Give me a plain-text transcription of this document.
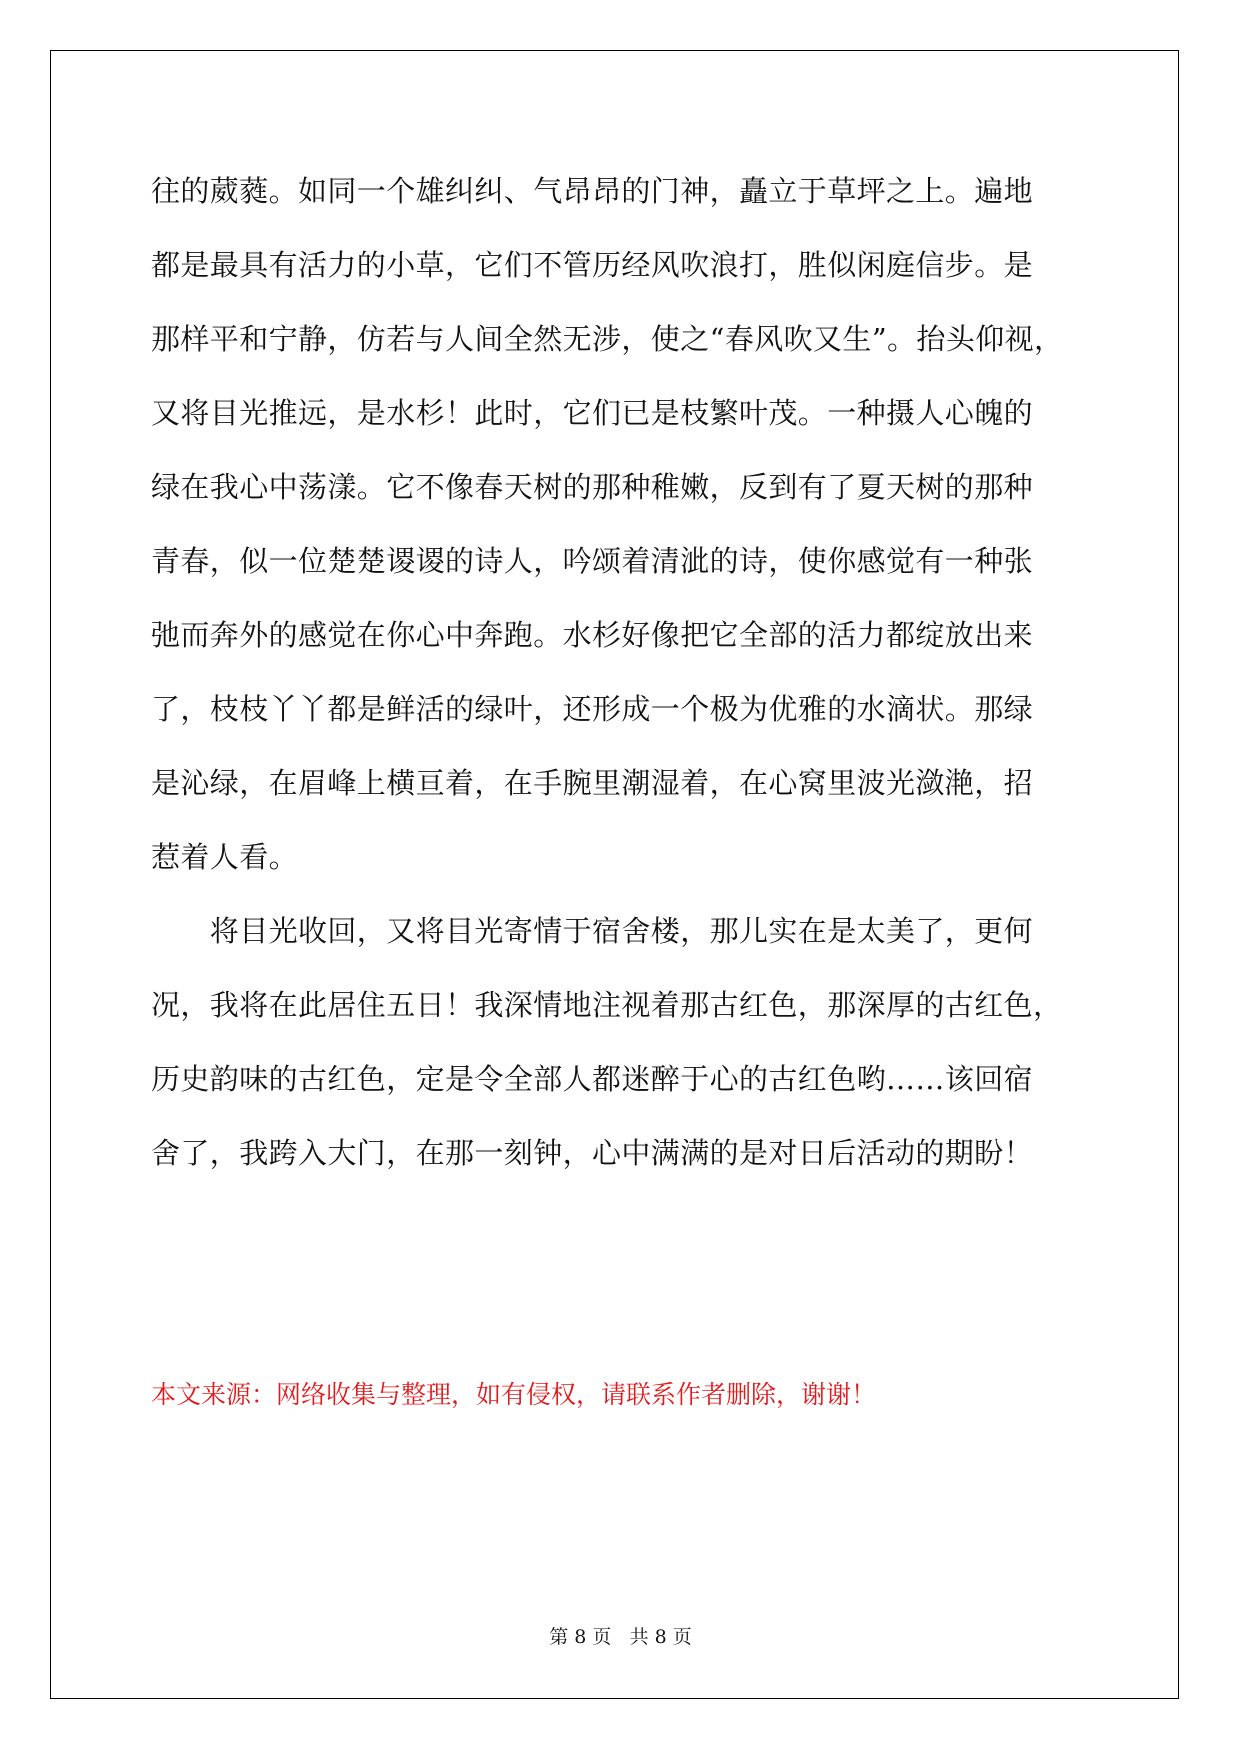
往的葳蕤。如同一个雄纠纠、气昂昂的门神，矗立于草坪之上。遍地
都是最具有活力的小草，它们不管历经风吹浪打，胜似闲庭信步。是
那样平和宁静，仿若与人间全然无涉，使之“春风吹又生”。抬头仰视，
又将目光推远，是水杉！此时，它们已是枝繁叶茂。一种摄人心魄的
绿在我心中荡漾。它不像春天树的那种稚嫩，反到有了夏天树的那种
青春，似一位楚楚谡谡的诗人，吟颂着清泚的诗，使你感觉有一种张
弛而奔外的感觉在你心中奔跑。水杉好像把它全部的活力都绽放出来
了，枝枝丫丫都是鲜活的绿叶，还形成一个极为优雅的水滴状。那绿
是沁绿，在眉峰上横亘着，在手腕里潮湿着，在心窝里波光潋滟，招
惹着人看。
　　将目光收回，又将目光寄情于宿舍楼，那儿实在是太美了，更何
况，我将在此居住五日！我深情地注视着那古红色，那深厚的古红色，
历史韵味的古红色，定是令全部人都迷醉于心的古红色哟……该回宿
舍了，我跨入大门，在那一刻钟，心中满满的是对日后活动的期盼！
本文来源：网络收集与整理，如有侵权，请联系作者删除，谢谢！
第 8 页 共 8 页
